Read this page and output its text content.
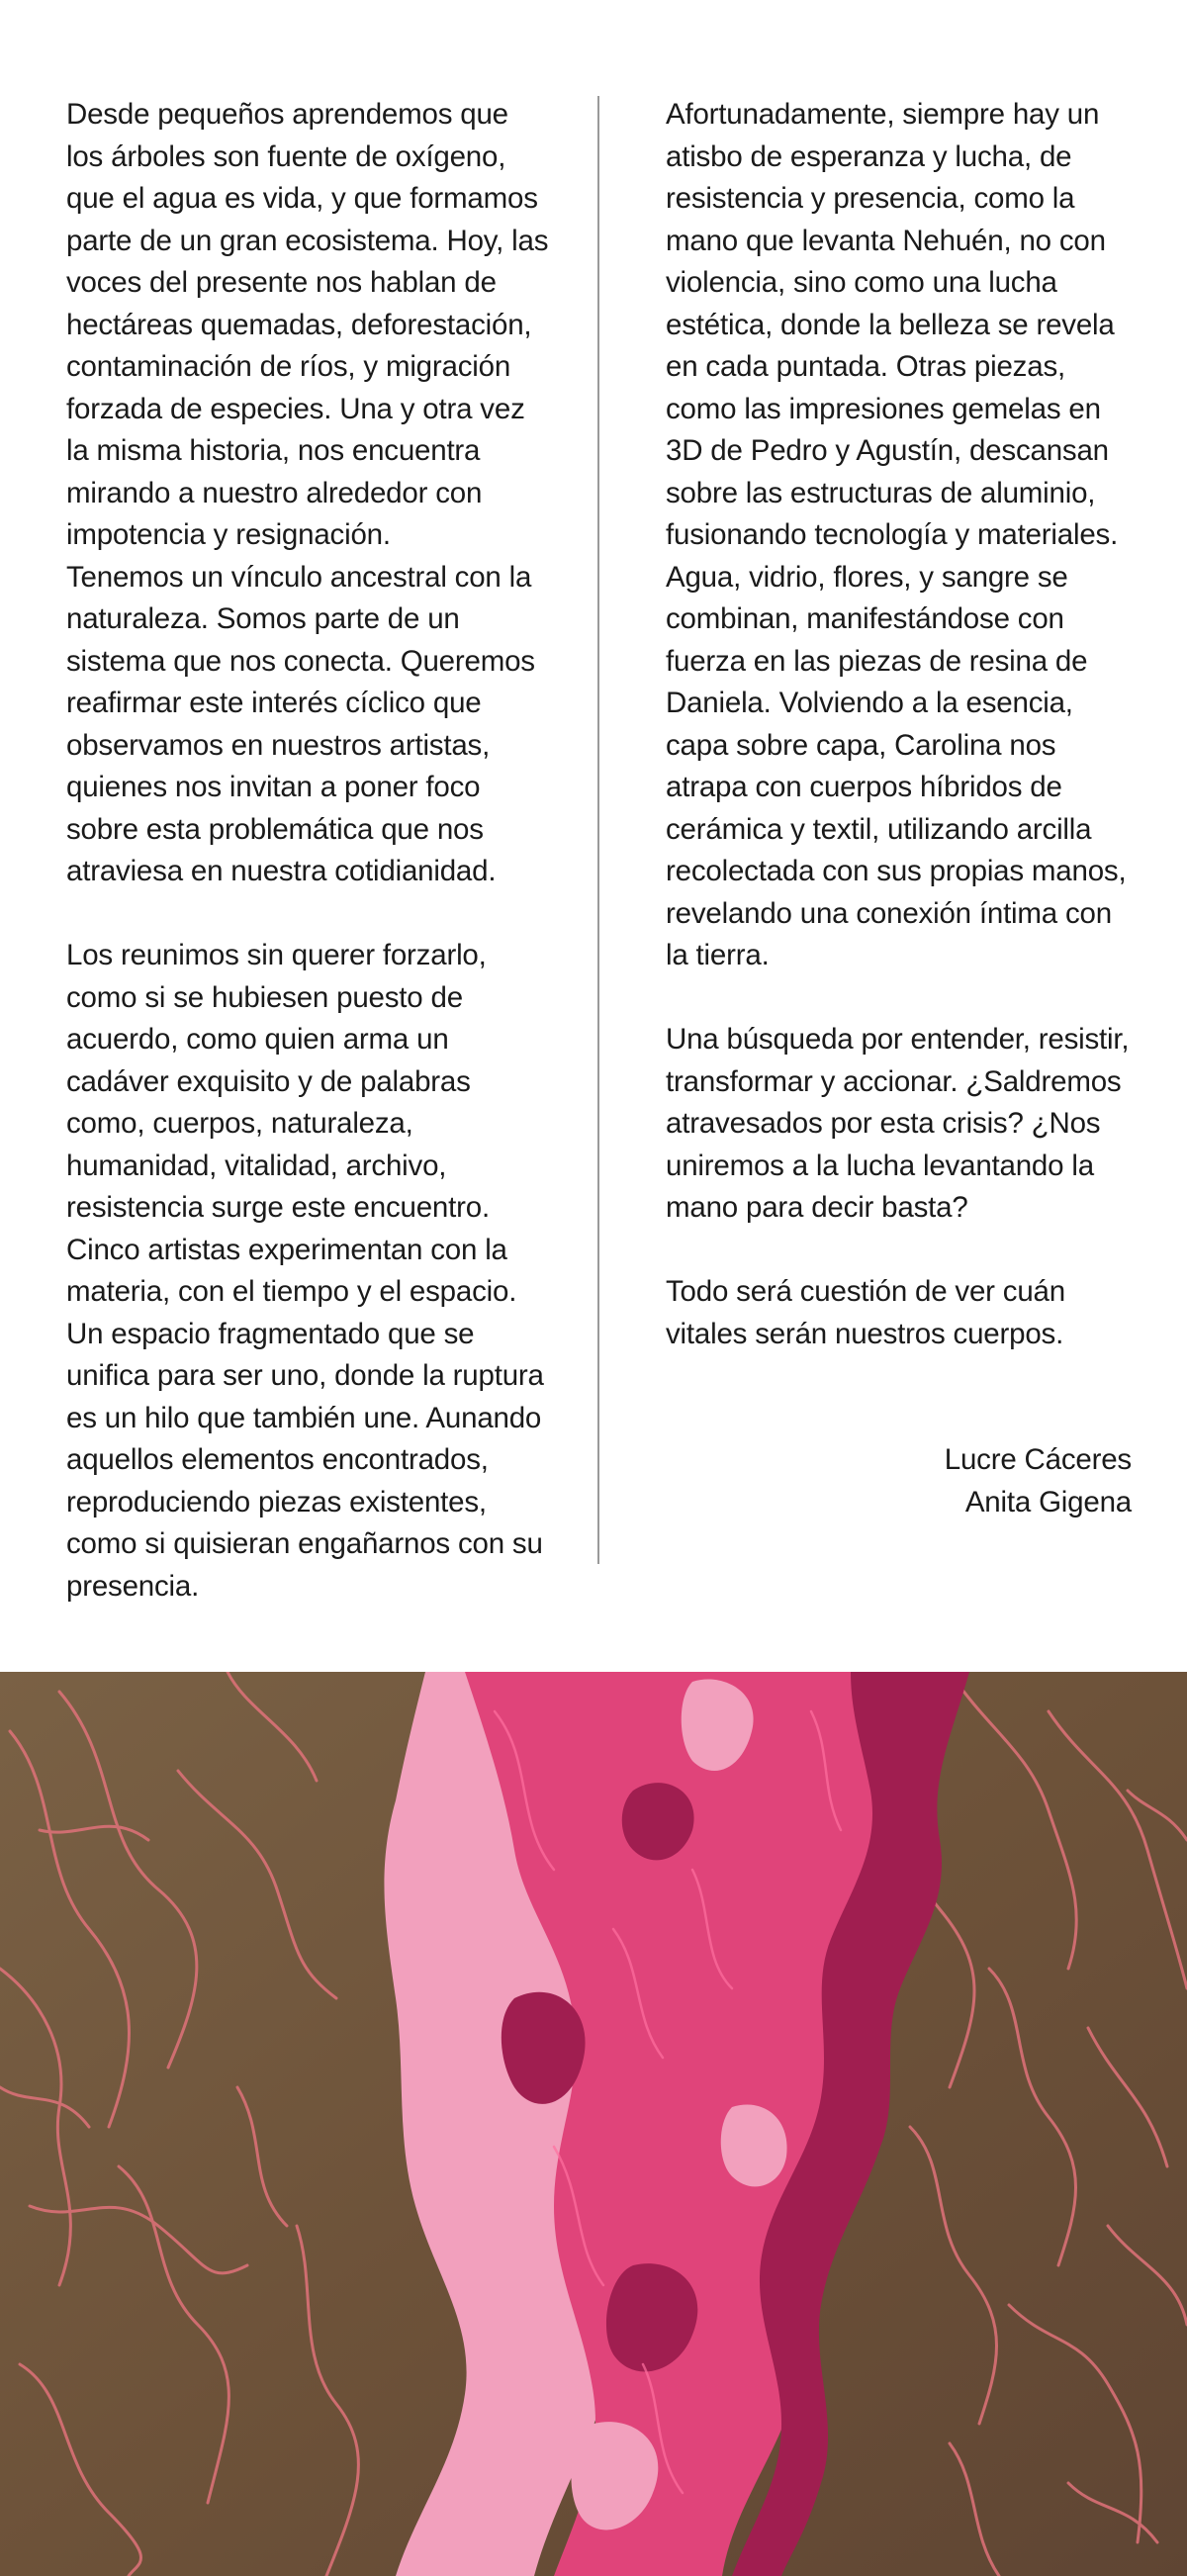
Desde pequeños aprendemos que los árboles son fuente de oxígeno, que el agua es vida, y que formamos parte de un gran ecosistema. Hoy, las voces del presente nos hablan de hectáreas quemadas, deforestación, contaminación de ríos, y migración forzada de especies. Una y otra vez la misma historia, nos encuentra mirando a nuestro alrededor con impotencia y resignación.

Tenemos un vínculo ancestral con la naturaleza. Somos parte de un sistema que nos conecta. Queremos reafirmar este interés cíclico que observamos en nuestros artistas, quienes nos invitan a poner foco sobre esta problemática que nos atraviesa en nuestra cotidianidad.

Los reunimos sin querer forzarlo, como si se hubiesen puesto de acuerdo, como quien arma un cadáver exquisito y de palabras como, cuerpos, naturaleza, humanidad, vitalidad, archivo, resistencia surge este encuentro. Cinco artistas experimentan con la materia, con el tiempo y el espacio. Un espacio fragmentado que se unifica para ser uno, donde la ruptura es un hilo que también une. Aunando aquellos elementos encontrados, reproduciendo piezas existentes, como si quisieran engañarnos con su presencia.

Afortunadamente, siempre hay un atisbo de esperanza y lucha, de resistencia y presencia, como la mano que levanta Nehuén, no con violencia, sino como una lucha estética, donde la belleza se revela en cada puntada. Otras piezas, como las impresiones gemelas en 3D de Pedro y Agustín, descansan sobre las estructuras de aluminio, fusionando tecnología y materiales. Agua, vidrio, flores, y sangre se combinan, manifestándose con fuerza en las piezas de resina de Daniela. Volviendo a la esencia, capa sobre capa, Carolina nos atrapa con cuerpos híbridos de cerámica y textil, utilizando arcilla recolectada con sus propias manos, revelando una conexión íntima con la tierra.

Una búsqueda por entender, resistir, transformar y accionar. ¿Saldremos atravesados por esta crisis? ¿Nos uniremos a la lucha levantando la mano para decir basta?

Todo será cuestión de ver cuán vitales serán nuestros cuerpos.

Lucre Cáceres
Anita Gigena
